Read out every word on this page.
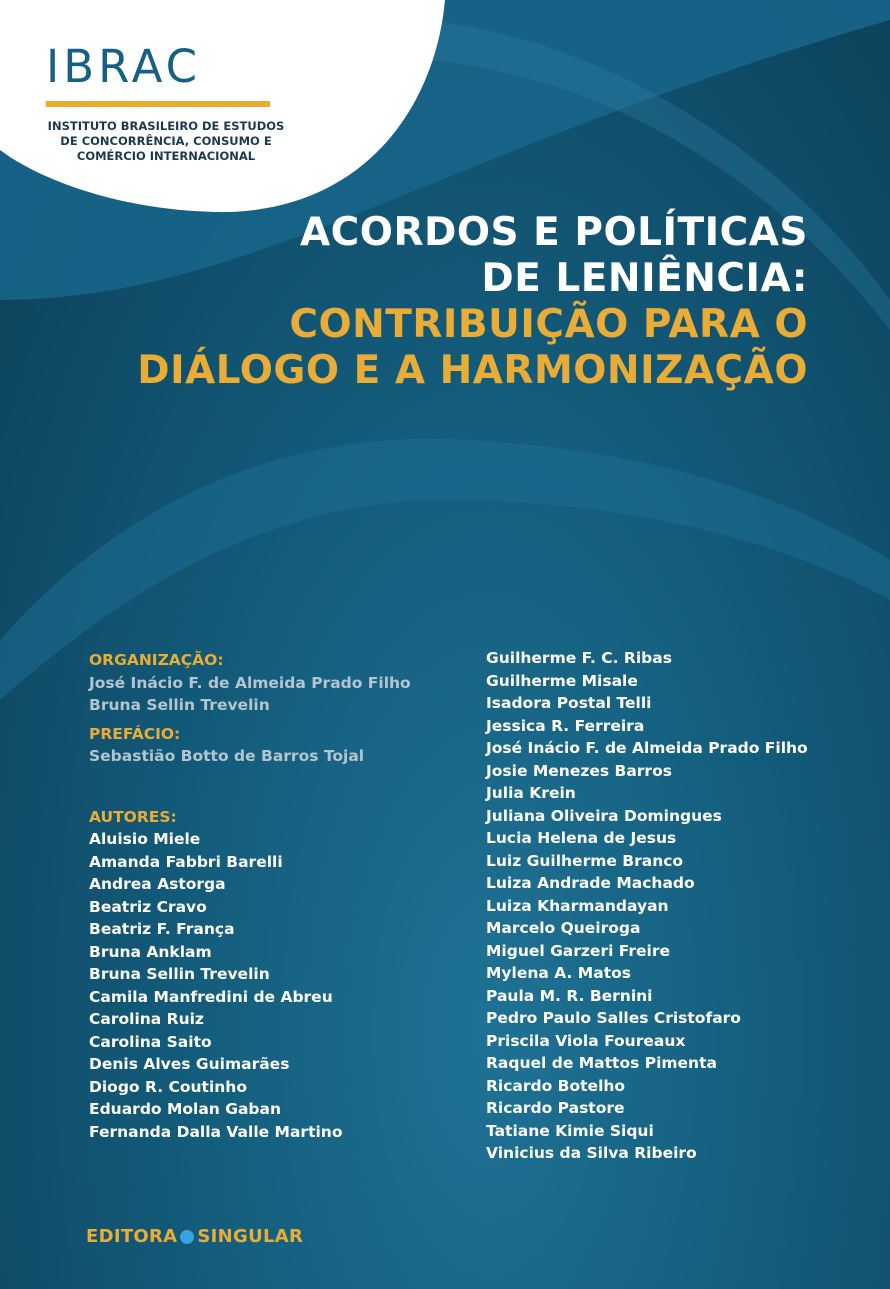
IBRAC
INSTITUTO BRASILEIRO DE ESTUDOS
DE CONCORRÊNCIA, CONSUMO E
COMÉRCIO INTERNACIONAL
ACORDOS E POLÍTICAS
DE LENIÊNCIA:
CONTRIBUIÇÃO PARA O
DIÁLOGO E A HARMONIZAÇÃO
ORGANIZAÇÃO:
José Inácio F. de Almeida Prado Filho
Bruna Sellin Trevelin
PREFÁCIO:
Sebastião Botto de Barros Tojal
AUTORES:
Aluisio Miele
Amanda Fabbri Barelli
Andrea Astorga
Beatriz Cravo
Beatriz F. França
Bruna Anklam
Bruna Sellin Trevelin
Camila Manfredini de Abreu
Carolina Ruiz
Carolina Saito
Denis Alves Guimarães
Diogo R. Coutinho
Eduardo Molan Gaban
Fernanda Dalla Valle Martino
Guilherme F. C. Ribas
Guilherme Misale
Isadora Postal Telli
Jessica R. Ferreira
José Inácio F. de Almeida Prado Filho
Josie Menezes Barros
Julia Krein
Juliana Oliveira Domingues
Lucia Helena de Jesus
Luiz Guilherme Branco
Luiza Andrade Machado
Luiza Kharmandayan
Marcelo Queiroga
Miguel Garzeri Freire
Mylena A. Matos
Paula M. R. Bernini
Pedro Paulo Salles Cristofaro
Priscila Viola Foureaux
Raquel de Mattos Pimenta
Ricardo Botelho
Ricardo Pastore
Tatiane Kimie Siqui
Vinicius da Silva Ribeiro
EDITORA SINGULAR
